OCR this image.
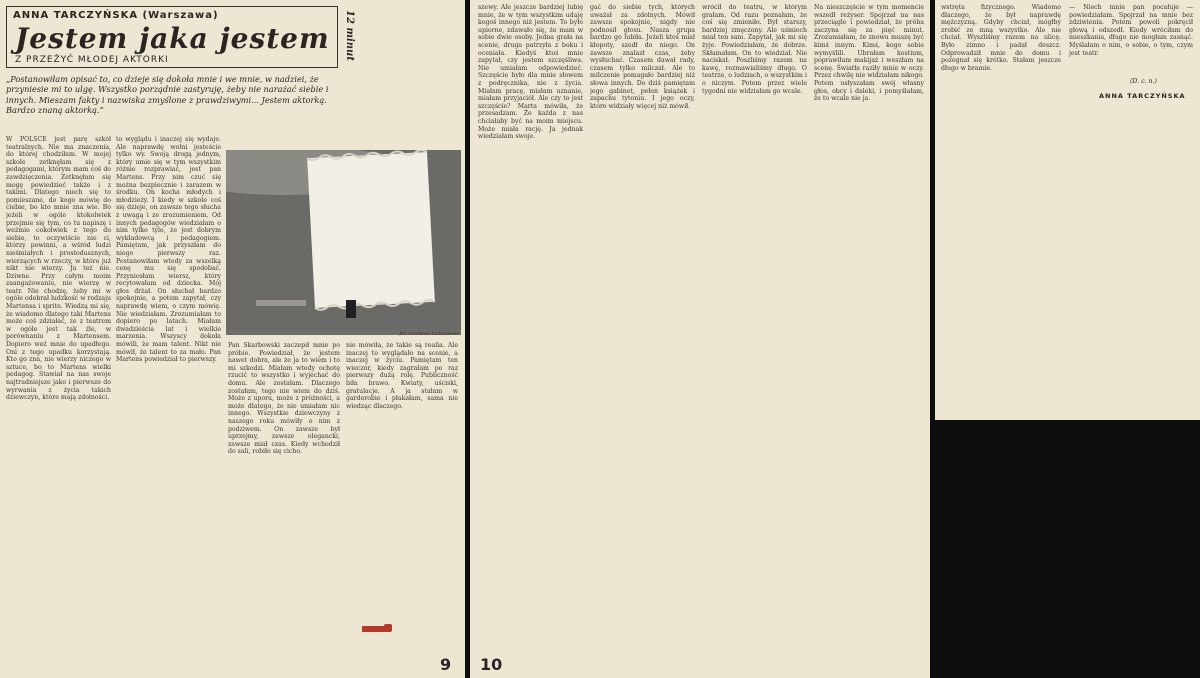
ANNA TARCZYŃSKA (Warszawa)
Jestem jaka jestem
Z PRZEŻYĆ MŁODEJ AKTORKI	12 minut

„Postanowiłam opisać to, co dzieje się dokoła mnie i we mnie, w nadziei, że przyniesie mi to ulgę. Wszystko porządnie zastyruję, żeby nie narażać siebie i innych. Mieszam fakty i nazwiska zmyślone z prawdziwymi... Jestem aktorką. Bardzo znaną aktorką.”

W POLSCE jest parę szkół teatralnych. Nie ma znaczenia, do której chodziłam. W mojej szkole zetknęłam się z pedagogami, którym mam coś do zawdzięczenia. Zetknęłam się mogę powiedzieć także i z takimi. Dlatego niech się to pomieszane, do kogo mówię do ciebie, bo kto mnie zna wie. Bo jeżeli w ogóle ktokolwiek przejmie się tym, co tu napiszę i weźmie cokolwiek z tego do siebie, to oczywiście nie ci, którzy powinni, a wśród ludzi nieśmiałych i prostodusznych, wierzących w rzeczy, w które już nikt nie wierzy. Ja też nie. Dziwne. Przy całym moim zaangażowaniu, nie wierzę w teatr. Nie chodzę, żeby mi w ogóle odebrał ludzkość w rodzaju Martensa i sprite. Wiedzą mi się, że wiadomo dlatego taki Martens może coś zdziałać, ze z teatrem w ogóle jest tak źle, w porównaniu z Martensem. Dopiero weź mnie do upadłego. Oni z tego upadku korzystają. Kto go zna, nie wierzy niczego w sztuce, bo to Martens wielki pedagog. Stawiał na nas swoje najtrudniejsze jako i pierwsze do wyrwania z życia takich dziewczyn, które mają zdolności.

to wyglądu i inaczej się wydaje. Ale naprawdę wolni jesteście tylko wy. Swoją drogą jednym, który umie się w tym wszystkim różnie rozprawiać, jest pan Martens. Przy nim czuć się można bezpiecznie i zarazem w środku. On kocha młodych i młodzieży. I kiedy w szkole coś się dzieje, on zawsze tego słucha z uwagą i ze zrozumieniem. Od innych pedagogów wiedziałam o nim tylko tyle, że jest dobrym wykładowcą i pedagogiem. Pamiętam, jak przyszłam do niego pierwszy raz. Postanowiłam wtedy za wszelką cenę mu się spodobać. Przyniosłam wiersz, który recytowałam od dziecka. Mój głos drżał. On słuchał bardzo spokojnie, a potem zapytał, czy naprawdę wiem, o czym mówię. Nie wiedziałam. Zrozumiałam to dopiero po latach. Miałam dwadzieścia lat i wielkie marzenia. Wszyscy dokoła mówili, że mam talent. Nikt nie mówił, że talent to za mało. Pan Martens powiedział to pierwszy.

fot. czerwone Lobanowski

Pan Skarbowski zaczepił mnie po próbie. Powiedział, że jestem nawet dobra, ale że ja to wiem i to mi szkodzi. Miałam wtedy ochotę rzucić to wszystko i wyjechać do domu. Ale zostałam. Dlaczego zostałam, tego nie wiem do dziś. Może z uporu, może z próżności, a może dlatego, że nie umiałam nic innego. Wszystkie dziewczyny z naszego roku mówiły o nim z podziwem. On zawsze był uprzejmy, zawsze elegancki, zawsze miał czas. Kiedy wchodził do sali, robiło się cicho.

nie mówiła, że takie są realia. Ale inaczej to wyglądało na scenie, a inaczej w życiu. Pamiętam ten wieczór, kiedy zagrałam po raz pierwszy dużą rolę. Publiczność biła brawo. Kwiaty, uściski, gratulacje. A ja stałam w garderobie i płakałam, sama nie wiedząc dlaczego.

9

szewy. Ale jeszcze bardziej lubię mnie, że w tym wszystkim udaję kogoś innego niż jestem. To było upiorne, zdawało się, że mam w sobie dwie osoby. Jedna grała na scenie, druga patrzyła z boku i oceniała. Kiedyś ktoś mnie zapytał, czy jestem szczęśliwa. Nie umiałam odpowiedzieć. Szczęście było dla mnie słowem z podręcznika, nie z życia. Miałam pracę, miałam uznanie, miałam przyjaciół. Ale czy to jest szczęście? Marta mówiła, że przesadzam. Że każda z nas chciałaby być na moim miejscu. Może miała rację. Ja jednak wiedziałam swoje.

gać do siebie tych, których uważał za zdolnych. Mówił zawsze spokojnie, nigdy nie podnosił głosu. Nasza grupa bardzo go lubiła. Jeżeli ktoś miał kłopoty, szedł do niego. On zawsze znalazł czas, żeby wysłuchać. Czasem dawał rady, czasem tylko milczał. Ale to milczenie pomagało bardziej niż słowa innych. Do dziś pamiętam jego gabinet, pełen książek i zapachu tytoniu. I jego oczy, które widziały więcej niż mówił.

wrócił do teatru, w którym grałam. Od razu poznałam, że coś się zmieniło. Był starszy, bardziej zmęczony. Ale uśmiech miał ten sam. Zapytał, jak mi się żyje. Powiedziałam, że dobrze. Skłamałam. On to wiedział. Nie naciskał. Poszliśmy razem na kawę, rozmawialiśmy długo. O teatrze, o ludziach, o wszystkim i o niczym. Potem przez wiele tygodni nie widziałam go wcale.

Na nieszczęście w tym momencie wszedł reżyser. Spojrzał na nas przeciągle i powiedział, że próba zaczyna się za pięć minut. Zrozumiałam, że znowu muszę być kimś innym. Kimś, kogo sobie wymyślili. Ubrałam kostium, poprawiłam makijaż i weszłam na scenę. Światła raziły mnie w oczy. Przez chwilę nie widziałam nikogo. Potem usłyszałam swój własny głos, obcy i daleki, i pomyślałam, że to wcale nie ja.

10

wstręta fizycznego. Wiadomo dlaczego, że był naprawdę mężczyzną. Gdyby chciał, mógłby zrobić ze mną wszystko. Ale nie chciał. Wyszliśmy razem na ulicę. Było zimno i padał deszcz. Odprowadził mnie do domu i pożegnał się krótko. Stałam jeszcze długo w bramie.

— Niech mnie pan pocałuje — powiedziałam. Spojrzał na mnie bez zdziwienia. Potem powoli pokręcił głową i odszedł. Kiedy wróciłam do mieszkania, długo nie mogłam zasnąć. Myślałam o nim, o sobie, o tym, czym jest teatr.

(D. c. n.)
ANNA TARCZYŃSKA
